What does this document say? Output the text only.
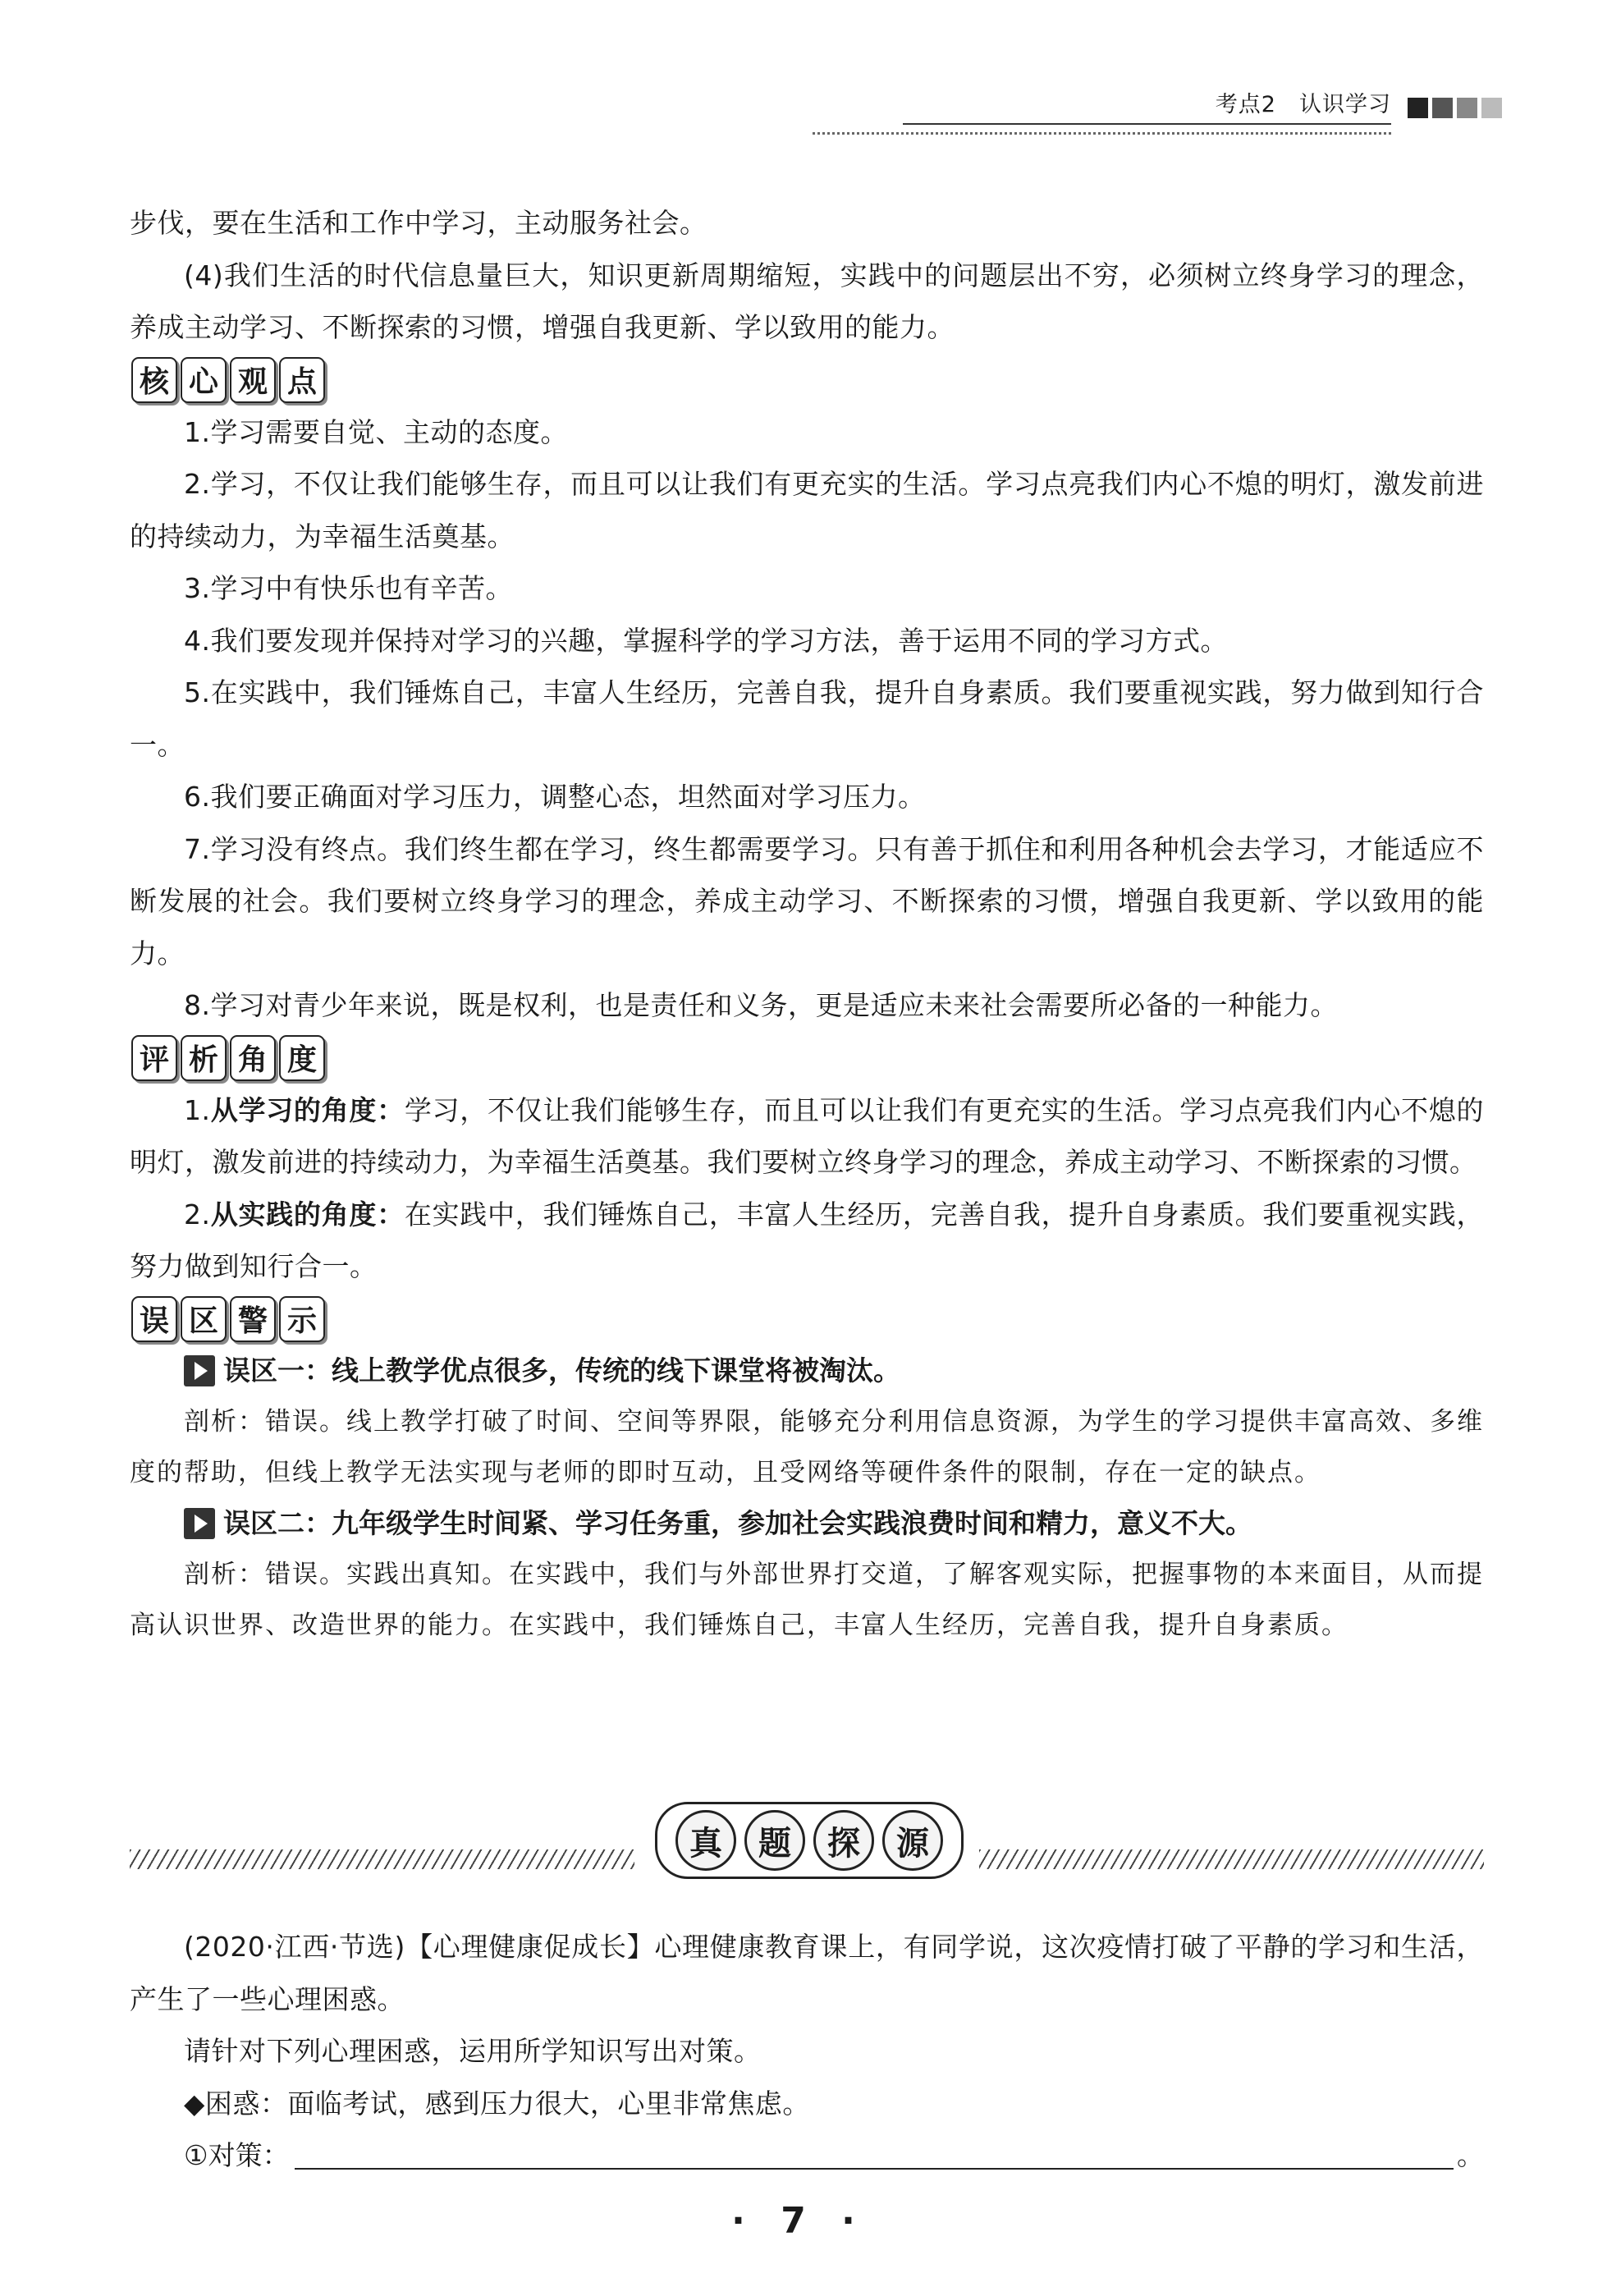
考点2　认识学习

步伐，要在生活和工作中学习，主动服务社会。

(4)我们生活的时代信息量巨大，知识更新周期缩短，实践中的问题层出不穷，必须树立终身学习的理念，养成主动学习、不断探索的习惯，增强自我更新、学以致用的能力。

核 心 观 点

1.学习需要自觉、主动的态度。

2.学习，不仅让我们能够生存，而且可以让我们有更充实的生活。学习点亮我们内心不熄的明灯，激发前进的持续动力，为幸福生活奠基。

3.学习中有快乐也有辛苦。

4.我们要发现并保持对学习的兴趣，掌握科学的学习方法，善于运用不同的学习方式。

5.在实践中，我们锤炼自己，丰富人生经历，完善自我，提升自身素质。我们要重视实践，努力做到知行合一。

6.我们要正确面对学习压力，调整心态，坦然面对学习压力。

7.学习没有终点。我们终生都在学习，终生都需要学习。只有善于抓住和利用各种机会去学习，才能适应不断发展的社会。我们要树立终身学习的理念，养成主动学习、不断探索的习惯，增强自我更新、学以致用的能力。

8.学习对青少年来说，既是权利，也是责任和义务，更是适应未来社会需要所必备的一种能力。

评 析 角 度

1.从学习的角度：学习，不仅让我们能够生存，而且可以让我们有更充实的生活。学习点亮我们内心不熄的明灯，激发前进的持续动力，为幸福生活奠基。我们要树立终身学习的理念，养成主动学习、不断探索的习惯。

2.从实践的角度：在实践中，我们锤炼自己，丰富人生经历，完善自我，提升自身素质。我们要重视实践，努力做到知行合一。

误 区 警 示

误区一：线上教学优点很多，传统的线下课堂将被淘汰。

剖析：错误。线上教学打破了时间、空间等界限，能够充分利用信息资源，为学生的学习提供丰富高效、多维度的帮助，但线上教学无法实现与老师的即时互动，且受网络等硬件条件的限制，存在一定的缺点。

误区二：九年级学生时间紧、学习任务重，参加社会实践浪费时间和精力，意义不大。

剖析：错误。实践出真知。在实践中，我们与外部世界打交道，了解客观实际，把握事物的本来面目，从而提高认识世界、改造世界的能力。在实践中，我们锤炼自己，丰富人生经历，完善自我，提升自身素质。

真	题	探	源

(2020·江西·节选)【心理健康促成长】心理健康教育课上，有同学说，这次疫情打破了平静的学习和生活，产生了一些心理困惑。

请针对下列心理困惑，运用所学知识写出对策。

◆困惑：面临考试，感到压力很大，心里非常焦虑。

①对策：	。

· 7 ·
